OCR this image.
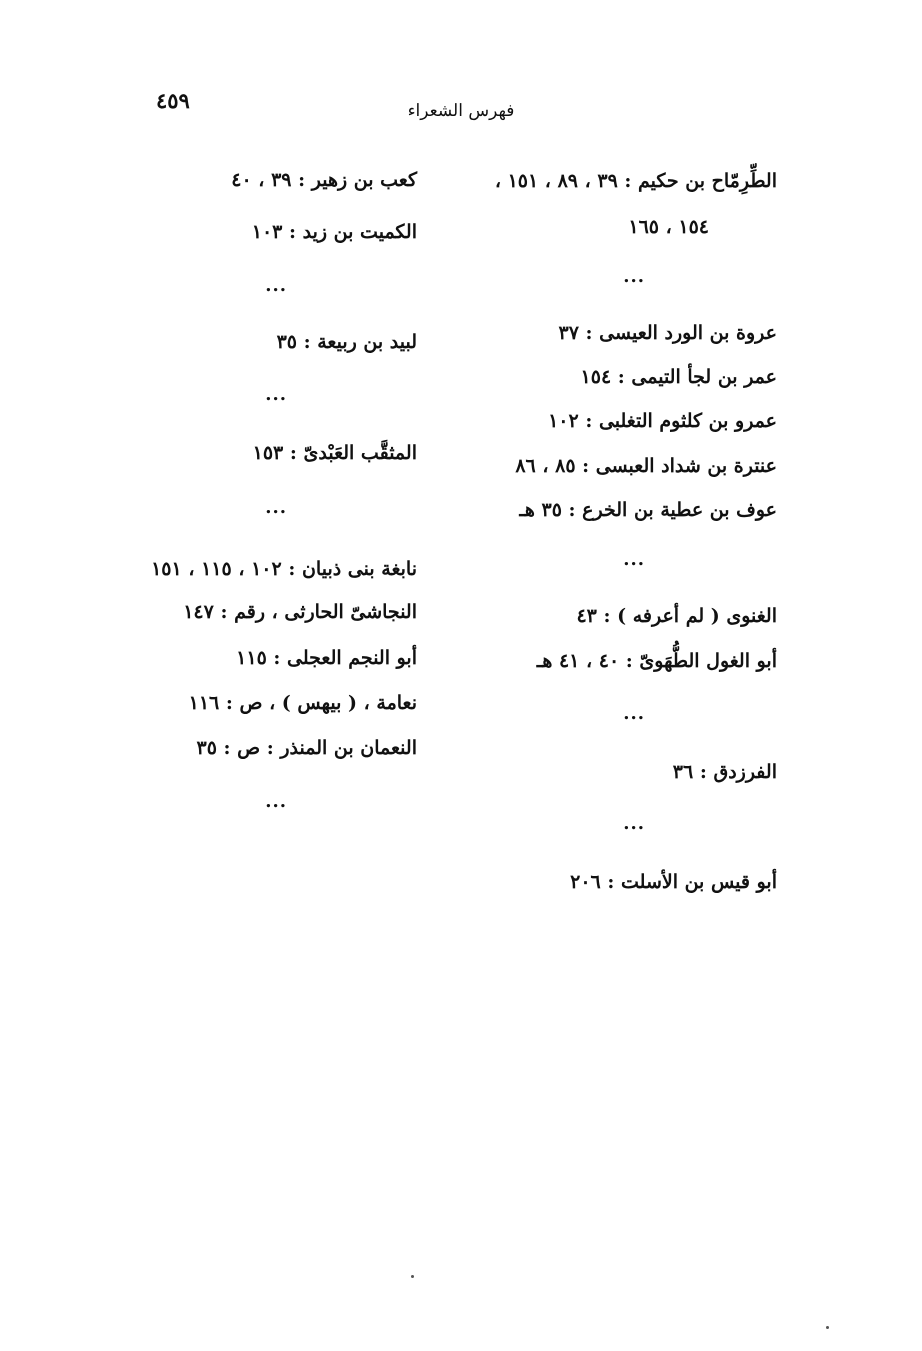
٤٥٩	فهرس الشعراء
الطِّرِمّاح بن حكيم : ٣٩ ، ٨٩ ، ١٥١ ،
١٥٤ ، ١٦٥
...
عروة بن الورد العيسى : ٣٧
عمر بن لجأ التيمى : ١٥٤
عمرو بن كلثوم التغلبى : ١٠٢
عنترة بن شداد العبسى : ٨٥ ، ٨٦
عوف بن عطية بن الخرع : ٣٥ هـ
...
الغنوى ( لم أعرفه ) : ٤٣
أبو الغول الطُّهَوىّ : ٤٠ ، ٤١ هـ
...
الفرزدق : ٣٦
...
أبو قيس بن الأسلت : ٢٠٦
كعب بن زهير : ٣٩ ، ٤٠
الكميت بن زيد : ١٠٣
...
لبيد بن ربيعة : ٣٥
...
المثقَّب العَبْدىّ : ١٥٣
...
نابغة بنى ذبيان : ١٠٢ ، ١١٥ ، ١٥١
النجاشىّ الحارثى ، رقم : ١٤٧
أبو النجم العجلى : ١١٥
نعامة ، ( بيهس ) ، ص : ١١٦
النعمان بن المنذر : ص : ٣٥
...
